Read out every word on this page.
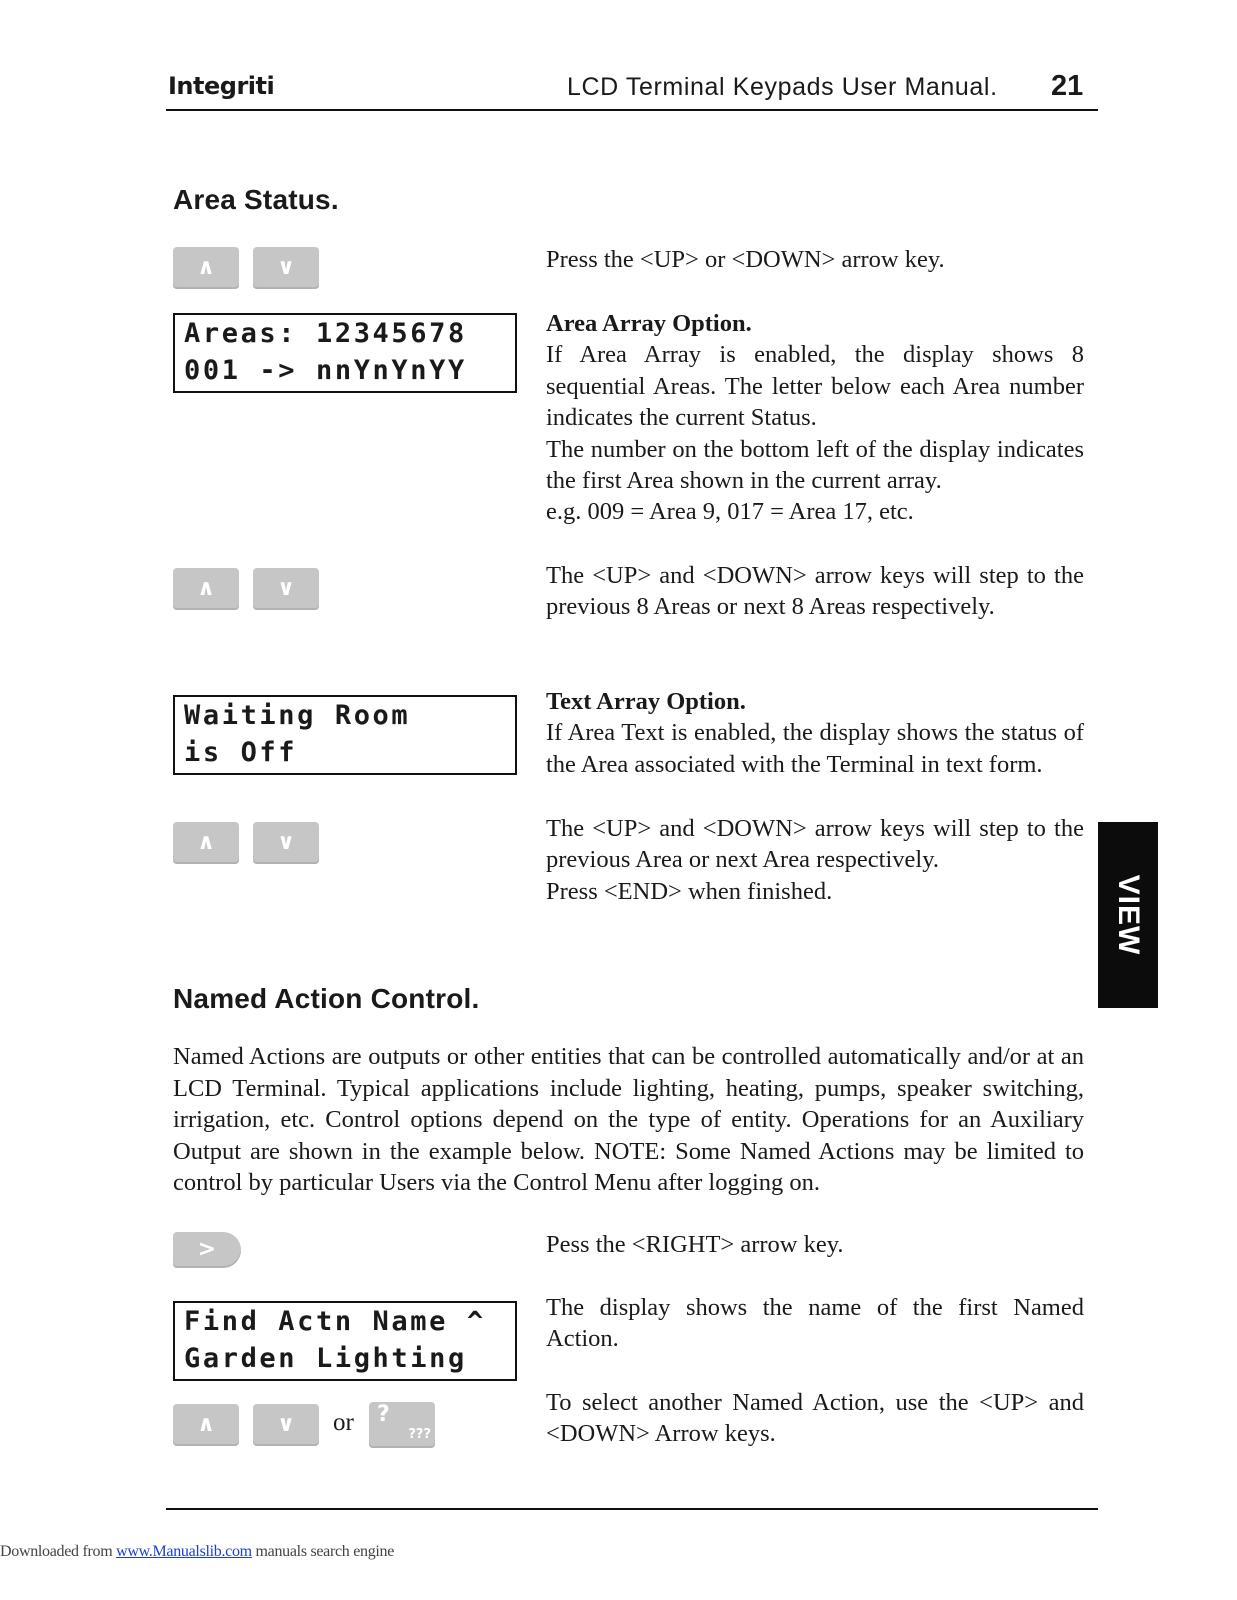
Integriti	LCD Terminal Keypads User Manual. 21
Area Status.
∧	∨	Press the <UP> or <DOWN> arrow key.

Areas: 12345678
001 -> nnYnYnYY

Area Array Option.

If Area Array is enabled, the display shows 8 sequential Areas. The letter below each Area number indicates the current Status.

The number on the bottom left of the display indicates the first Area shown in the current array.

e.g. 009 = Area 9, 017 = Area 17, etc.

∧	∨	The <UP> and <DOWN> arrow keys will step to the previous 8 Areas or next 8 Areas respectively.

Waiting Room
is Off

Text Array Option.

If Area Text is enabled, the display shows the status of the Area associated with the Terminal in text form.

∧	∨

The <UP> and <DOWN> arrow keys will step to the previous Area or next Area respectively.

Press <END> when finished.	VIEW
Named Action Control.

Named Actions are outputs or other entities that can be controlled automatically and/or at an LCD Terminal. Typical applications include lighting, heating, pumps, speaker switching, irrigation, etc. Control options depend on the type of entity. Operations for an Auxiliary Output are shown in the example below. NOTE: Some Named Actions may be limited to control by particular Users via the Control Menu after logging on.

>	Pess the <RIGHT> arrow key.

Find Actn Name ^
Garden Lighting

The display shows the name of the first Named Action.

∧	∨	or ?
???

To select another Named Action, use the <UP> and <DOWN> Arrow keys.

Downloaded from www.Manualslib.com manuals search engine
